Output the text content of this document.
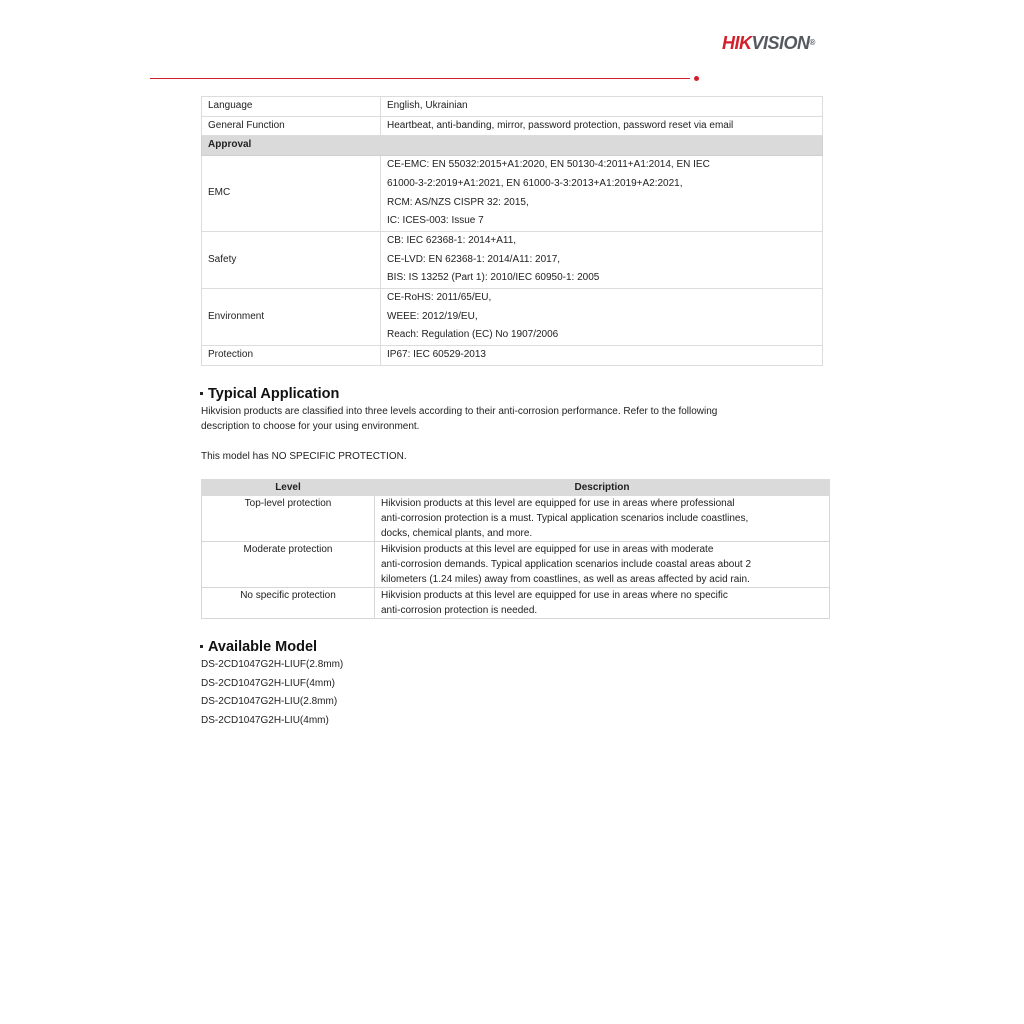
HIKVISION®
Language	English, Ukrainian
General Function	Heartbeat, anti-banding, mirror, password protection, password reset via email
Approval	
EMC	CE-EMC: EN 55032:2015+A1:2020, EN 50130-4:2011+A1:2014, EN IEC
61000-3-2:2019+A1:2021, EN 61000-3-3:2013+A1:2019+A2:2021,
RCM: AS/NZS CISPR 32: 2015,
IC: ICES-003: Issue 7

Safety	CB: IEC 62368-1: 2014+A11,
CE-LVD: EN 62368-1: 2014/A11: 2017,
BIS: IS 13252 (Part 1): 2010/IEC 60950-1: 2005

Environment	CE-RoHS: 2011/65/EU,
WEEE: 2012/19/EU,
Reach: Regulation (EC) No 1907/2006

Protection	IP67: IEC 60529-2013
Typical Application
Hikvision products are classified into three levels according to their anti-corrosion performance. Refer to the following
description to choose for your using environment.
This model has NO SPECIFIC PROTECTION.
Level	Description
Top-level protection	Hikvision products at this level are equipped for use in areas where professional
anti-corrosion protection is a must. Typical application scenarios include coastlines,
docks, chemical plants, and more.

Moderate protection	Hikvision products at this level are equipped for use in areas with moderate
anti-corrosion demands. Typical application scenarios include coastal areas about 2
kilometers (1.24 miles) away from coastlines, as well as areas affected by acid rain.

No specific protection	Hikvision products at this level are equipped for use in areas where no specific
anti-corrosion protection is needed.
Available Model
DS-2CD1047G2H-LIUF(2.8mm)
DS-2CD1047G2H-LIUF(4mm)
DS-2CD1047G2H-LIU(2.8mm)
DS-2CD1047G2H-LIU(4mm)
